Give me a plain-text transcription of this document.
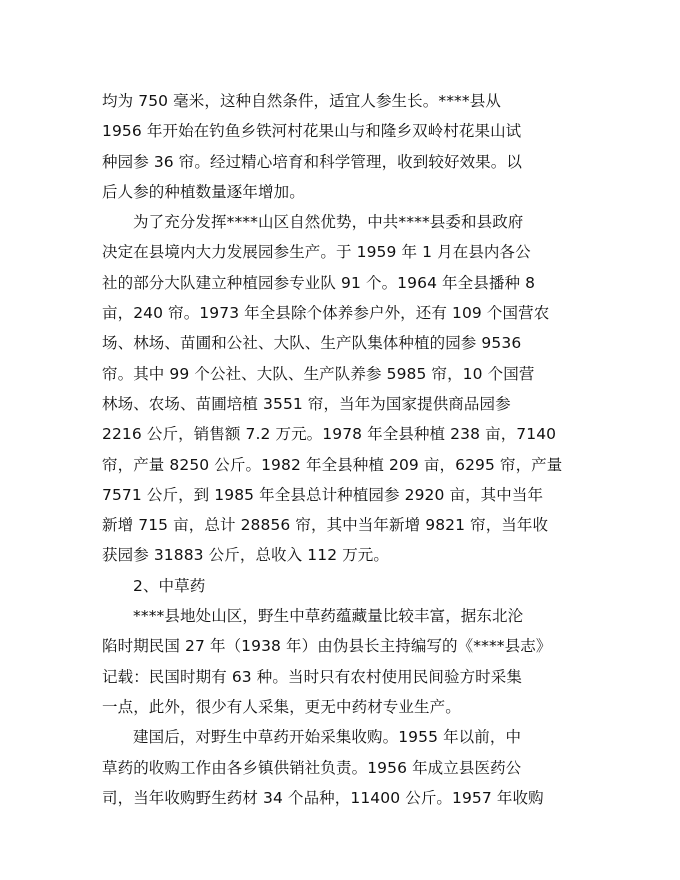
均为 750 毫米，这种自然条件，适宜人参生长。****县从
1956 年开始在钓鱼乡铁河村花果山与和隆乡双岭村花果山试
种园参 36 帘。经过精心培育和科学管理，收到较好效果。以
后人参的种植数量逐年增加。
为了充分发挥****山区自然优势，中共****县委和县政府
决定在县境内大力发展园参生产。于 1959 年 1 月在县内各公
社的部分大队建立种植园参专业队 91 个。1964 年全县播种 8
亩，240 帘。1973 年全县除个体养参户外，还有 109 个国营农
场、林场、苗圃和公社、大队、生产队集体种植的园参 9536
帘。其中 99 个公社、大队、生产队养参 5985 帘，10 个国营
林场、农场、苗圃培植 3551 帘，当年为国家提供商品园参
2216 公斤，销售额 7.2 万元。1978 年全县种植 238 亩，7140
帘，产量 8250 公斤。1982 年全县种植 209 亩，6295 帘，产量
7571 公斤，到 1985 年全县总计种植园参 2920 亩，其中当年
新增 715 亩，总计 28856 帘，其中当年新增 9821 帘，当年收
获园参 31883 公斤，总收入 112 万元。
2、中草药
****县地处山区，野生中草药蕴藏量比较丰富，据东北沦
陷时期民国 27 年（1938 年）由伪县长主持编写的《****县志》
记载：民国时期有 63 种。当时只有农村使用民间验方时采集
一点，此外，很少有人采集，更无中药材专业生产。
建国后，对野生中草药开始采集收购。1955 年以前，中
草药的收购工作由各乡镇供销社负责。1956 年成立县医药公
司，当年收购野生药材 34 个品种，11400 公斤。1957 年收购
